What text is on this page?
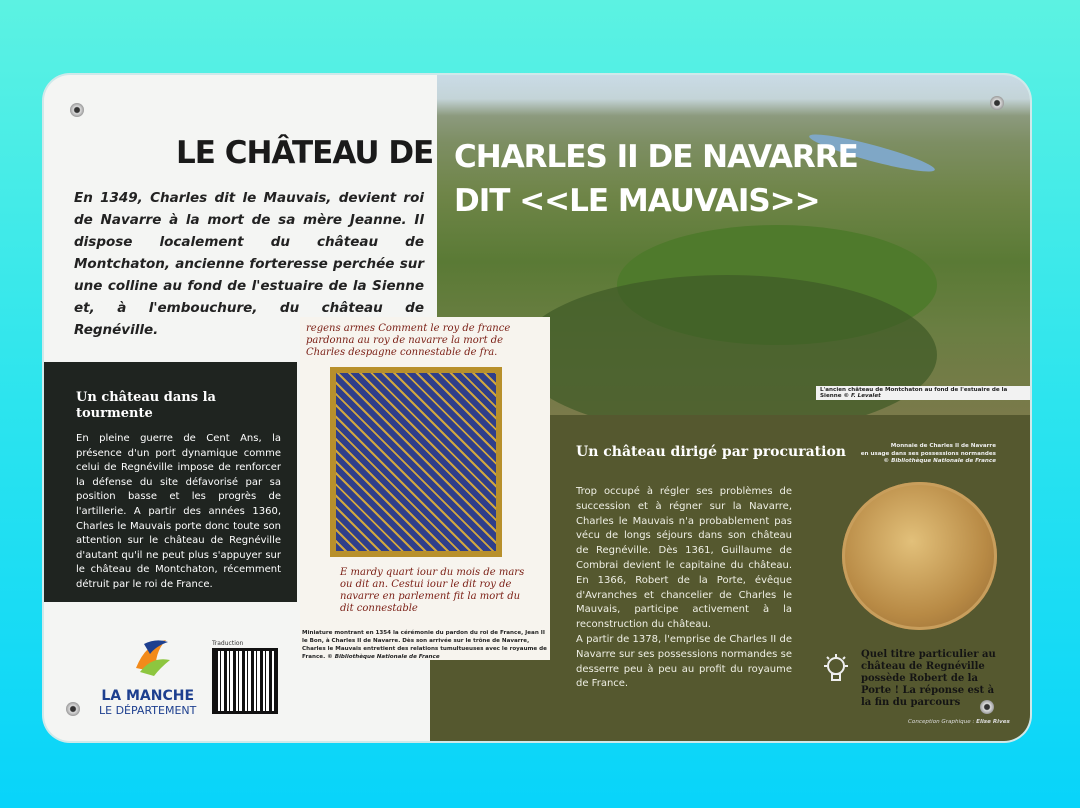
L'ancien château de Montchaton au fond de l'estuaire de la Sienne © F. Levalet
LE CHÂTEAU DE CHARLES II DE NAVARRE
DIT <<LE MAUVAIS>>
En 1349, Charles dit le Mauvais, devient roi de Navarre à la mort de sa mère Jeanne. Il dispose localement du château de Montchaton, ancienne forteresse perchée sur une colline au fond de l'estuaire de la Sienne et, à l'embouchure, du château de Regnéville.
Un château dans la tourmente

En pleine guerre de Cent Ans, la présence d'un port dynamique comme celui de Regnéville impose de renforcer la défense du site défavorisé par sa position basse et les progrès de l'artillerie. A partir des années 1360, Charles le Mauvais porte donc toute son attention sur le château de Regnéville d'autant qu'il ne peut plus s'appuyer sur le château de Montchaton, récemment détruit par le roi de France.

Un château dirigé par procuration
Trop occupé à régler ses problèmes de succession et à régner sur la Navarre, Charles le Mauvais n'a probablement pas vécu de longs séjours dans son château de Regnéville. Dès 1361, Guillaume de Combrai devient le capitaine du château. En 1366, Robert de la Porte, évêque d'Avranches et chancelier de Charles le Mauvais, participe activement à la reconstruction du château.
A partir de 1378, l'emprise de Charles II de Navarre sur ses possessions normandes se desserre peu à peu au profit du royaume de France.
regens armes Comment le roy de france pardonna au roy de navarre la mort de Charles despagne connestable de fra.
E mardy quart iour du mois de mars ou dit an. Cestui iour le dit roy de navarre en parlement fit la mort du dit connestable
Miniature montrant en 1354 la cérémonie du pardon du roi de France, Jean II le Bon, à Charles II de Navarre. Dès son arrivée sur le trône de Navarre, Charles le Mauvais entretient des relations tumultueuses avec le royaume de France. © Bibliothèque Nationale de France
Monnaie de Charles II de Navarre
en usage dans ses possessions normandes
© Bibliothèque Nationale de France
Quel titre particulier au château de Regnéville possède Robert de la Porte ! La réponse est à la fin du parcours
Conception Graphique : Elise Rives
LA MANCHE
LE DÉPARTEMENT
Traduction
